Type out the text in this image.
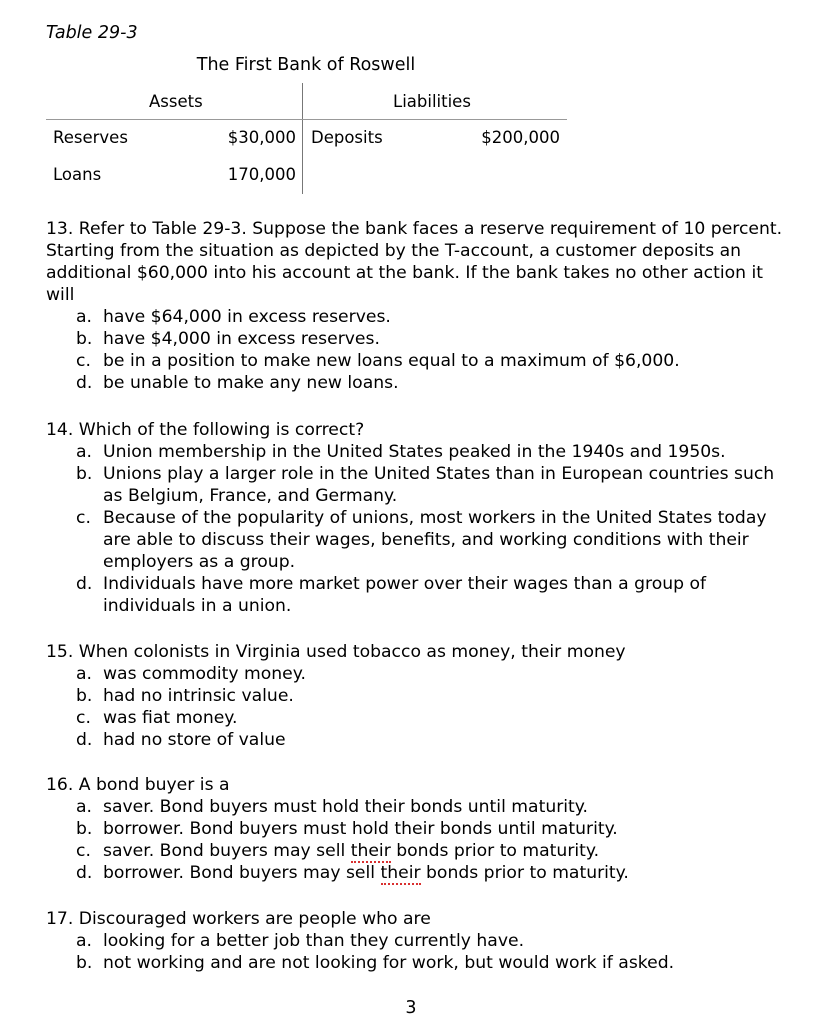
Table 29-3
The First Bank of Roswell
Assets	Liabilities
Reserves	$30,000 Deposits	$200,000
Loans	170,000

13. Refer to Table 29-3. Suppose the bank faces a reserve requirement of 10 percent. Starting from the situation as depicted by the T-account, a customer deposits an additional $60,000 into his account at the bank. If the bank takes no other action it will

a. have $64,000 in excess reserves.
b. have $4,000 in excess reserves.
c. be in a position to make new loans equal to a maximum of $6,000.
d. be unable to make any new loans.

14. Which of the following is correct?

a. Union membership in the United States peaked in the 1940s and 1950s.
b. Unions play a larger role in the United States than in European countries such as Belgium, France, and Germany.
c. Because of the popularity of unions, most workers in the United States today are able to discuss their wages, benefits, and working conditions with their employers as a group.
d. Individuals have more market power over their wages than a group of individuals in a union.

15. When colonists in Virginia used tobacco as money, their money

a. was commodity money.
b. had no intrinsic value.
c. was fiat money.
d. had no store of value

16. A bond buyer is a

a. saver. Bond buyers must hold their bonds until maturity.
b. borrower. Bond buyers must hold their bonds until maturity.
c. saver. Bond buyers may sell their bonds prior to maturity.
d. borrower. Bond buyers may sell their bonds prior to maturity.

17. Discouraged workers are people who are

a. looking for a better job than they currently have.
b. not working and are not looking for work, but would work if asked.
3
